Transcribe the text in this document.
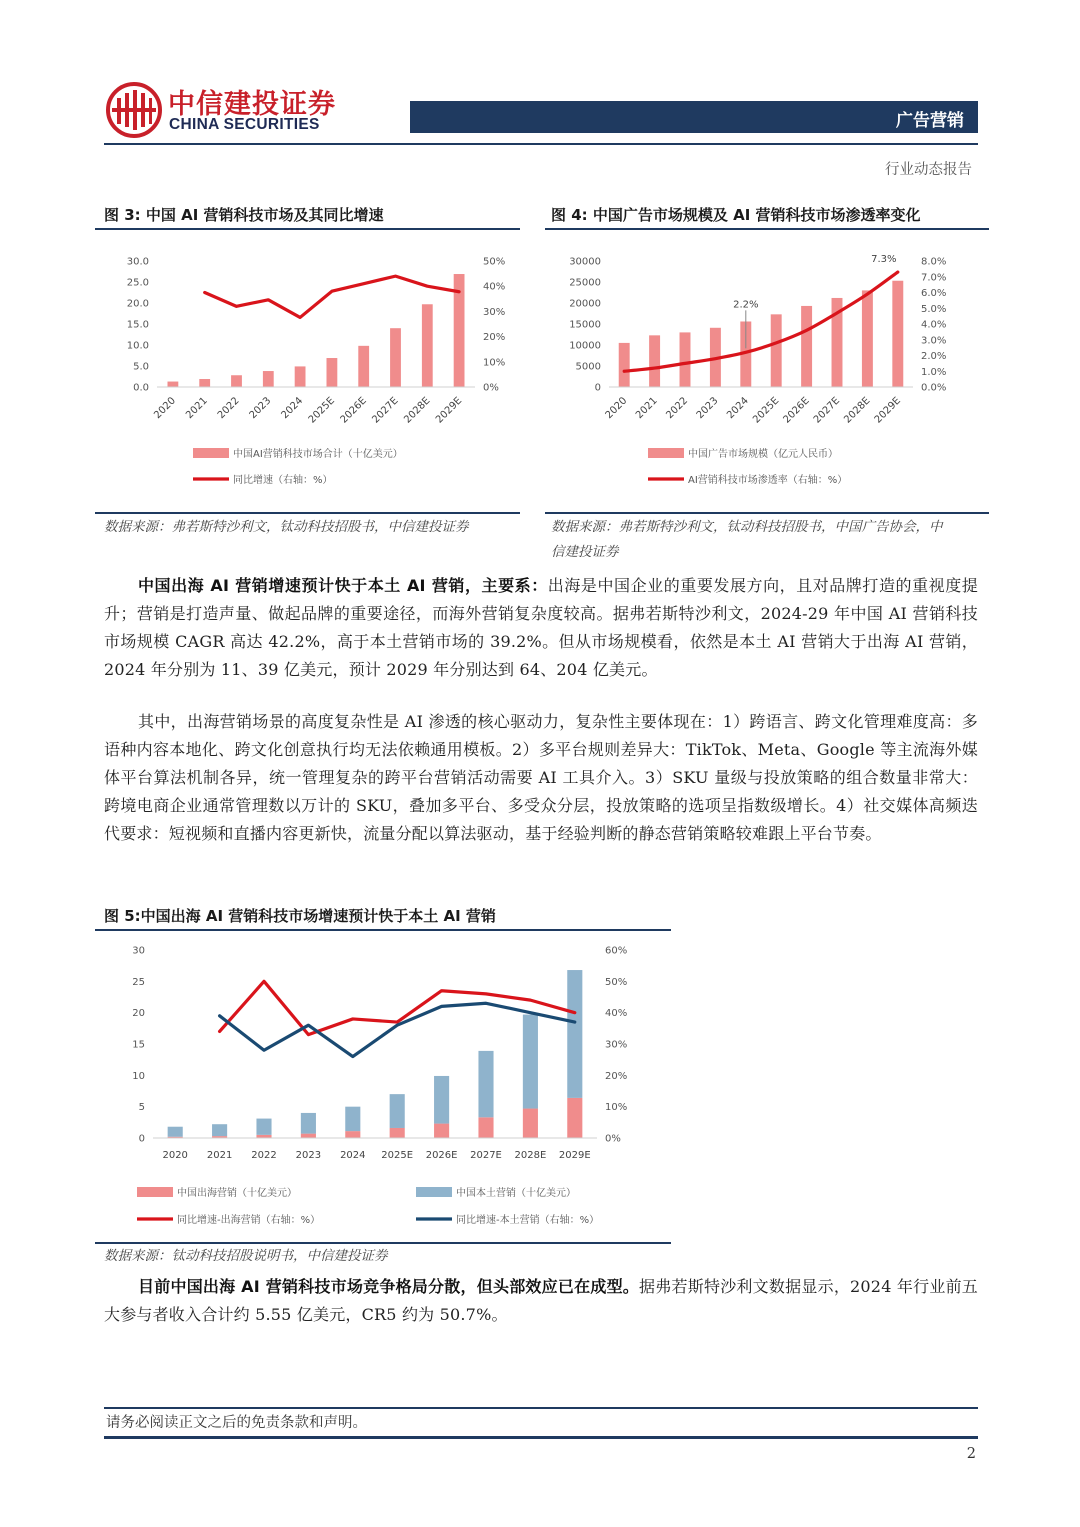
中信建投证券
CHINA SECURITIES	广告营销
行业动态报告
图 3: 中国 AI 营销科技市场及其同比增速
0.0
5.0
10.0
15.0
20.0
25.0
30.0
0%
10%
20%
30%
40%
50%
2020 2021 2022 2023 2024 2025E 2026E 2027E 2028E 2029E
中国AI营销科技市场合计（十亿美元）
同比增速（右轴：%）
数据来源：弗若斯特沙利文，钛动科技招股书，中信建投证券
图 4: 中国广告市场规模及 AI 营销科技市场渗透率变化
0
5000
10000
15000
20000
25000
30000
0.0%
1.0%
2.0%
3.0%
4.0%
5.0%
6.0%
7.0%
8.0%
2.2%
7.3%
2020 2021 2022 2023 2024 2025E 2026E 2027E 2028E 2029E
中国广告市场规模（亿元人民币）
AI营销科技市场渗透率（右轴：%）
数据来源：弗若斯特沙利文，钛动科技招股书，中国广告协会，中
信建投证券
中国出海 AI 营销增速预计快于本土 AI 营销，主要系：出海是中国企业的重要发展方向，且对品牌打造的重视度提升；营销是打造声量、做起品牌的重要途径，而海外营销复杂度较高。据弗若斯特沙利文，2024-29 年中国 AI 营销科技市场规模 CAGR 高达 42.2%，高于本土营销市场的 39.2%。但从市场规模看，依然是本土 AI 营销大于出海 AI 营销，2024 年分别为 11、39 亿美元，预计 2029 年分别达到 64、204 亿美元。
其中，出海营销场景的高度复杂性是 AI 渗透的核心驱动力，复杂性主要体现在：1）跨语言、跨文化管理难度高：多语种内容本地化、跨文化创意执行均无法依赖通用模板。2）多平台规则差异大：TikTok、Meta、Google 等主流海外媒体平台算法机制各异，统一管理复杂的跨平台营销活动需要 AI 工具介入。3）SKU 量级与投放策略的组合数量非常大：跨境电商企业通常管理数以万计的 SKU，叠加多平台、多受众分层，投放策略的选项呈指数级增长。4）社交媒体高频迭代要求：短视频和直播内容更新快，流量分配以算法驱动，基于经验判断的静态营销策略较难跟上平台节奏。
图 5:中国出海 AI 营销科技市场增速预计快于本土 AI 营销
0
5
10
15
20
25
30
0%
10%
20%
30%
40%
50%
60%
2020 2021 2022 2023 2024 2025E 2026E 2027E 2028E 2029E
中国出海营销（十亿美元）	中国本土营销（十亿美元）
同比增速-出海营销（右轴：%）	同比增速-本土营销（右轴：%）
数据来源：钛动科技招股说明书，中信建投证券
目前中国出海 AI 营销科技市场竞争格局分散，但头部效应已在成型。据弗若斯特沙利文数据显示，2024 年行业前五大参与者收入合计约 5.55 亿美元，CR5 约为 50.7%。
请务必阅读正文之后的免责条款和声明。
2
